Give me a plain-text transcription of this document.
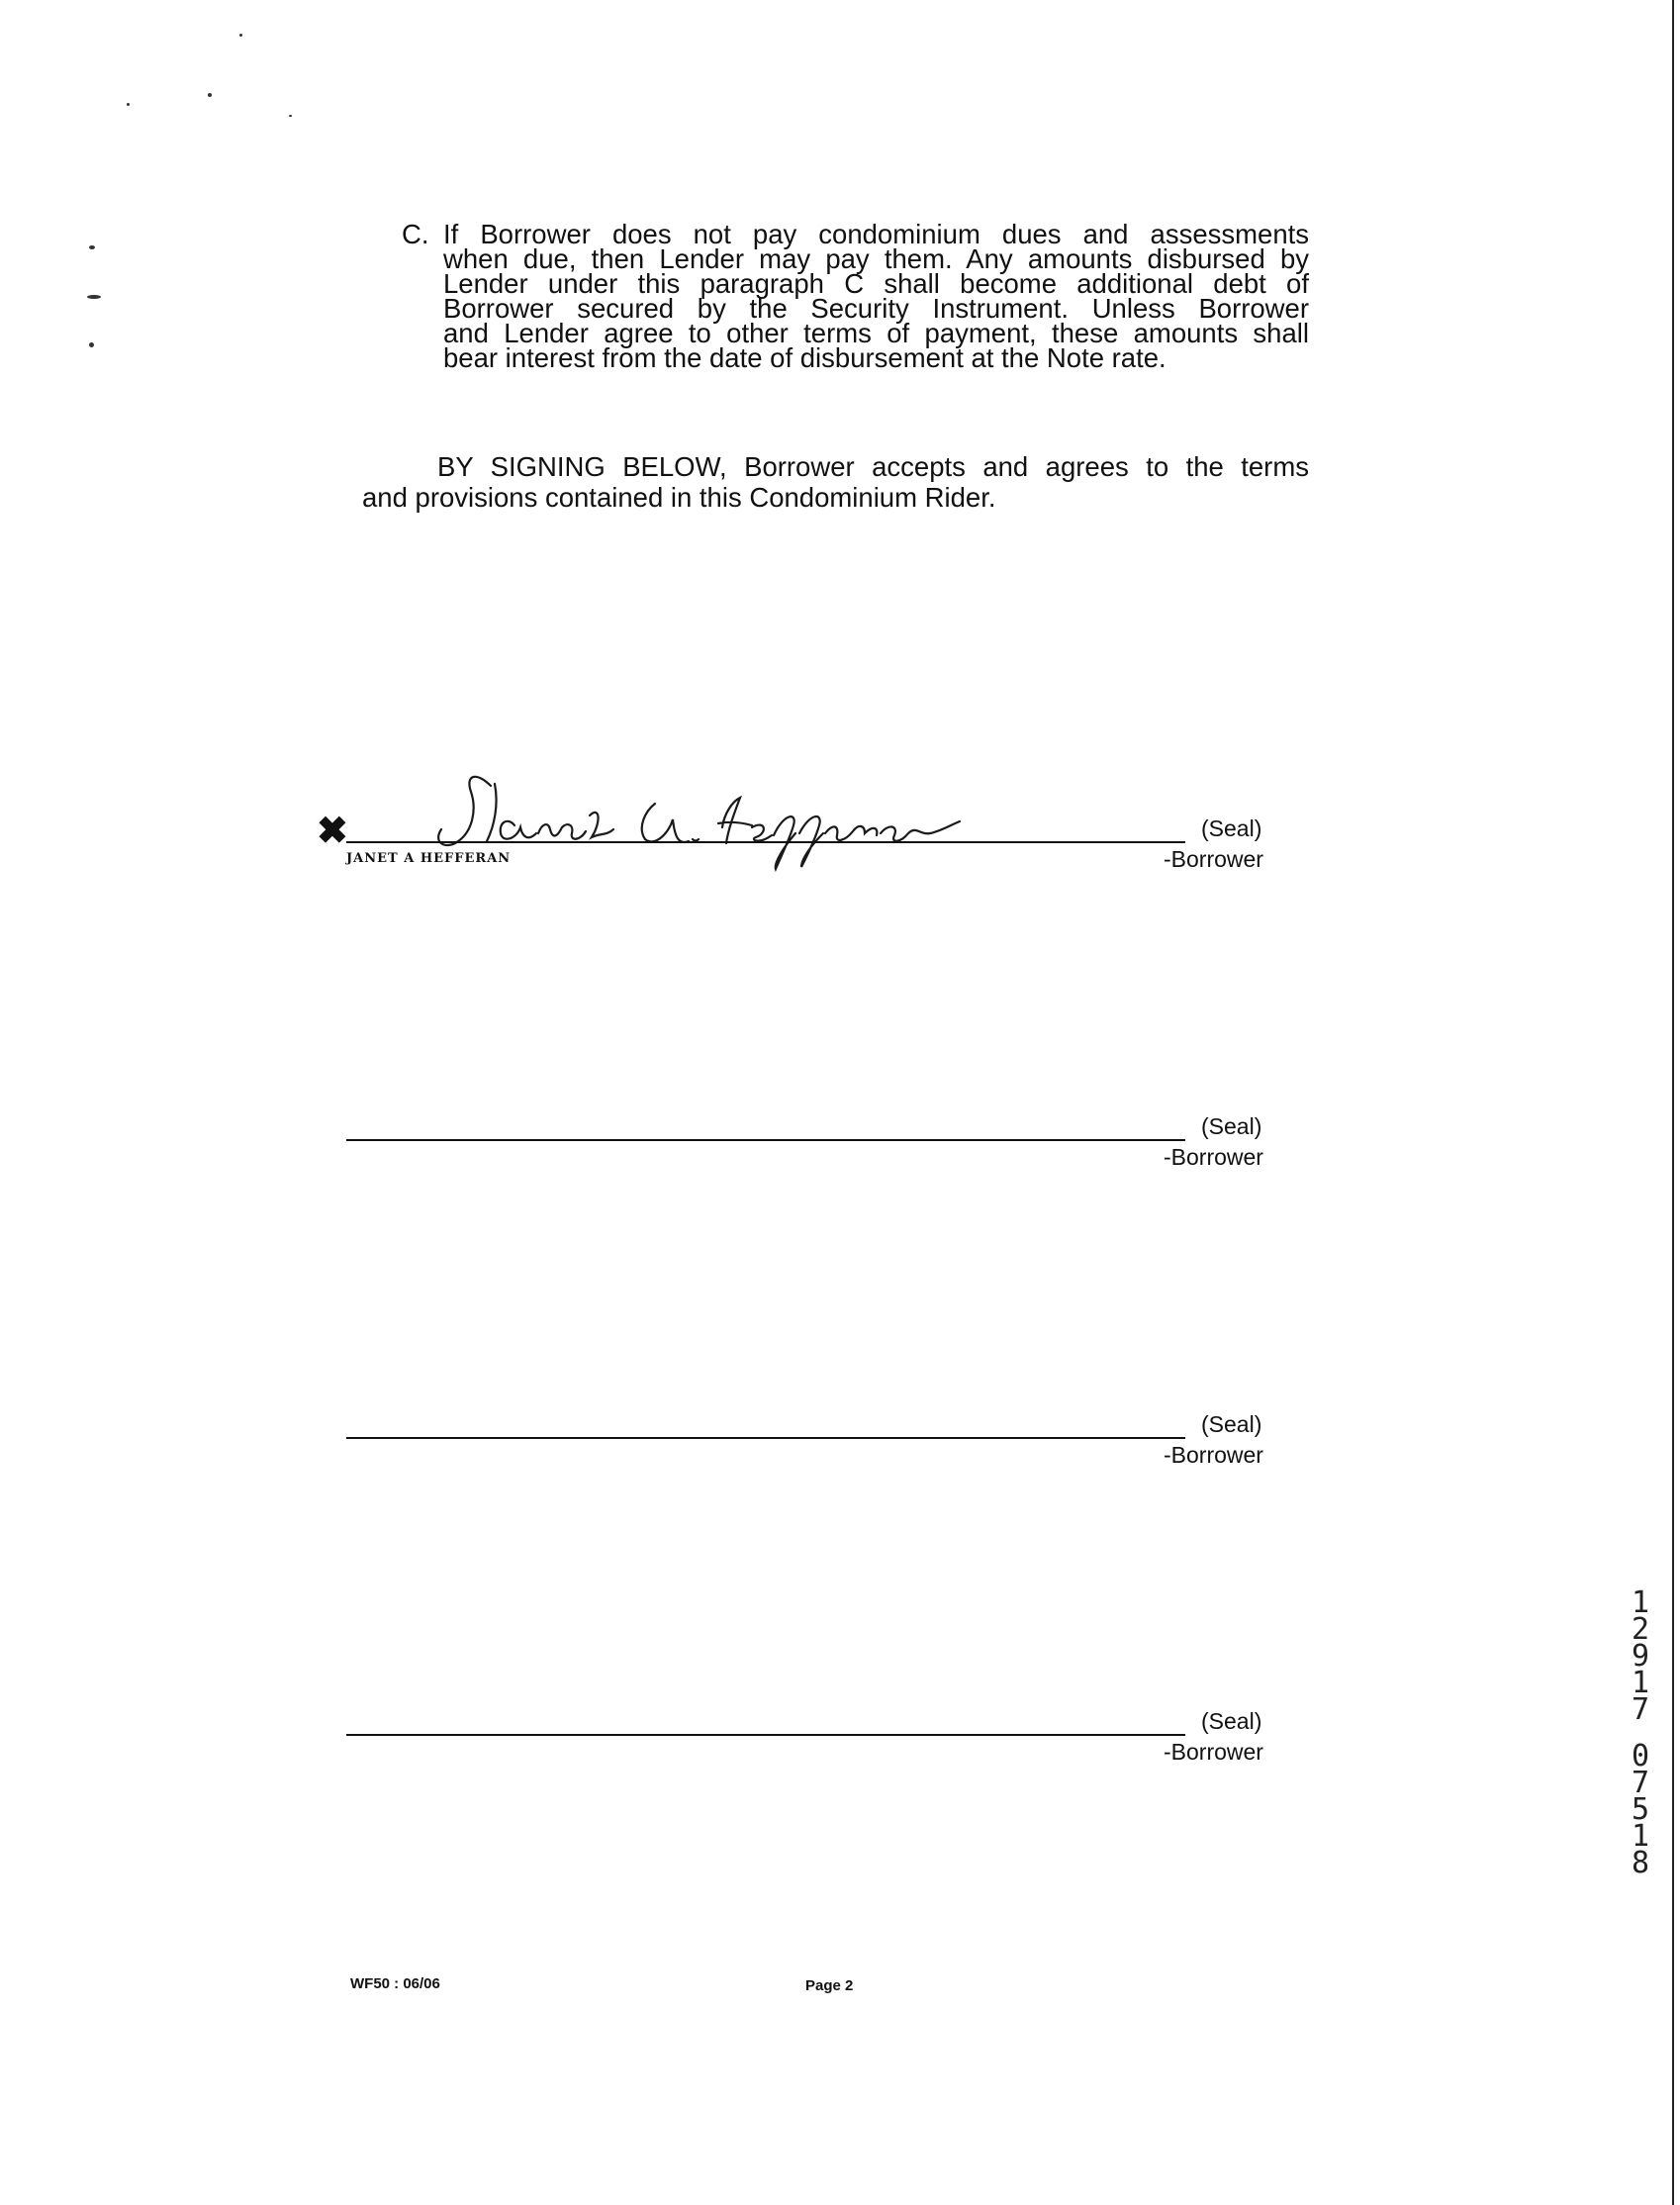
C. If Borrower does not pay condominium dues and assessments
when due, then Lender may pay them. Any amounts disbursed by
Lender under this paragraph C shall become additional debt of
Borrower secured by the Security Instrument. Unless Borrower
and Lender agree to other terms of payment, these amounts shall
bear interest from the date of disbursement at the Note rate.
BY SIGNING BELOW, Borrower accepts and agrees to the terms
and provisions contained in this Condominium Rider.
✖	(Seal)
-Borrower
JANET A HEFFERAN
(Seal)
-Borrower
(Seal)
-Borrower
(Seal)
-Borrower
WF50 : 06/06	Page 2
1
2
9
1
7
0
7
5
1
8
